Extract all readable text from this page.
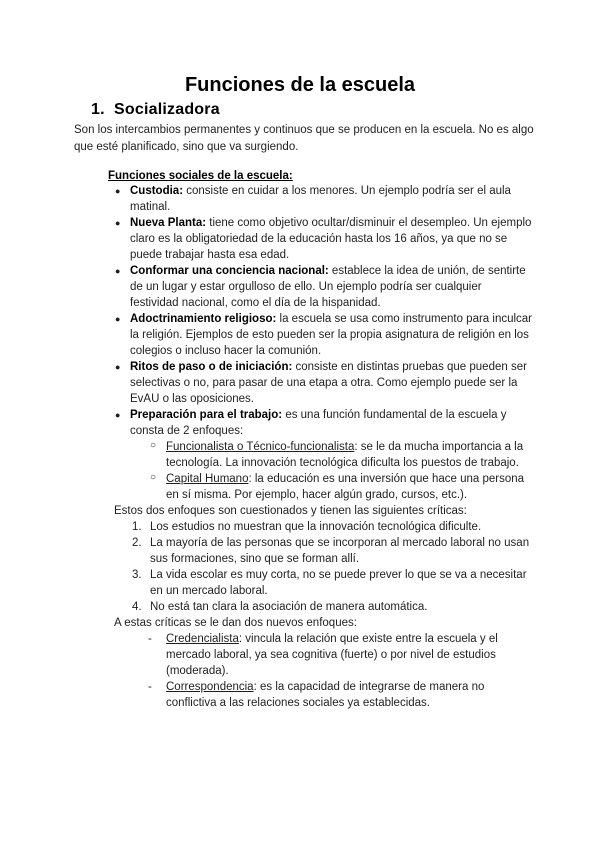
Funciones de la escuela
1. Socializadora

Son los intercambios permanentes y continuos que se producen en la escuela. No es algo que esté planificado, sino que va surgiendo.

Funciones sociales de la escuela:

● Custodia: consiste en cuidar a los menores. Un ejemplo podría ser el aula matinal.
● Nueva Planta: tiene como objetivo ocultar/disminuir el desempleo. Un ejemplo claro es la obligatoriedad de la educación hasta los 16 años, ya que no se puede trabajar hasta esa edad.
● Conformar una conciencia nacional: establece la idea de unión, de sentirte de un lugar y estar orgulloso de ello. Un ejemplo podría ser cualquier festividad nacional, como el día de la hispanidad.
● Adoctrinamiento religioso: la escuela se usa como instrumento para inculcar la religión. Ejemplos de esto pueden ser la propia asignatura de religión en los colegios o incluso hacer la comunión.
● Ritos de paso o de iniciación: consiste en distintas pruebas que pueden ser selectivas o no, para pasar de una etapa a otra. Como ejemplo puede ser la EvAU o las oposiciones.
● Preparación para el trabajo: es una función fundamental de la escuela y consta de 2 enfoques:
○ Funcionalista o Técnico-funcionalista: se le da mucha importancia a la tecnología. La innovación tecnológica dificulta los puestos de trabajo.
○ Capital Humano: la educación es una inversión que hace una persona en sí misma. Por ejemplo, hacer algún grado, cursos, etc.).
Estos dos enfoques son cuestionados y tienen las siguientes críticas:
1. Los estudios no muestran que la innovación tecnológica dificulte.
2. La mayoría de las personas que se incorporan al mercado laboral no usan sus formaciones, sino que se forman allí.
3. La vida escolar es muy corta, no se puede prever lo que se va a necesitar en un mercado laboral.
4. No está tan clara la asociación de manera automática.
A estas críticas se le dan dos nuevos enfoques:
- Credencialista: vincula la relación que existe entre la escuela y el mercado laboral, ya sea cognitiva (fuerte) o por nivel de estudios (moderada).
- Correspondencia: es la capacidad de integrarse de manera no conflictiva a las relaciones sociales ya establecidas.
